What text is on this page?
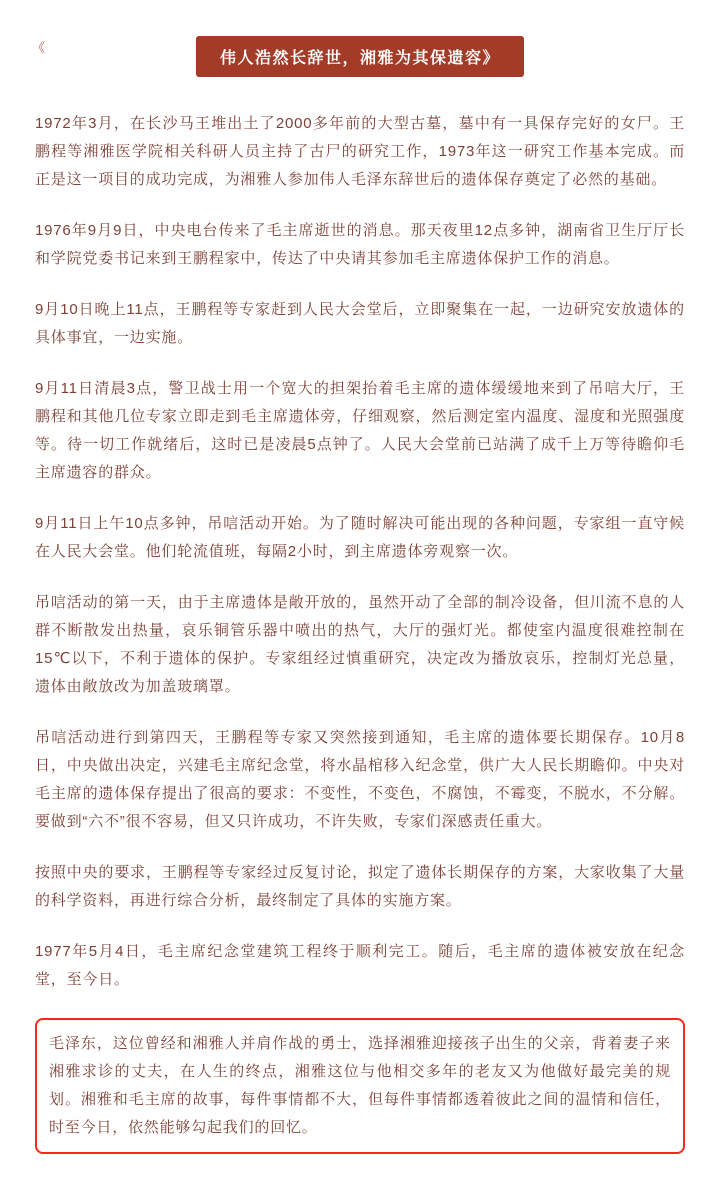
《
伟人浩然长辞世，湘雅为其保遗容》

1972年3月，在长沙马王堆出土了2000多年前的大型古墓，墓中有一具保存完好的女尸。王鹏程等湘雅医学院相关科研人员主持了古尸的研究工作，1973年这一研究工作基本完成。而正是这一项目的成功完成，为湘雅人参加伟人毛泽东辞世后的遗体保存奠定了必然的基础。

1976年9月9日，中央电台传来了毛主席逝世的消息。那天夜里12点多钟，湖南省卫生厅厅长和学院党委书记来到王鹏程家中，传达了中央请其参加毛主席遗体保护工作的消息。

9月10日晚上11点，王鹏程等专家赶到人民大会堂后，立即聚集在一起，一边研究安放遗体的具体事宜，一边实施。

9月11日清晨3点，警卫战士用一个宽大的担架抬着毛主席的遗体缓缓地来到了吊唁大厅，王鹏程和其他几位专家立即走到毛主席遗体旁，仔细观察，然后测定室内温度、湿度和光照强度等。待一切工作就绪后，这时已是凌晨5点钟了。人民大会堂前已站满了成千上万等待瞻仰毛主席遗容的群众。

9月11日上午10点多钟，吊唁活动开始。为了随时解决可能出现的各种问题，专家组一直守候在人民大会堂。他们轮流值班，每隔2小时，到主席遗体旁观察一次。

吊唁活动的第一天，由于主席遗体是敞开放的，虽然开动了全部的制冷设备，但川流不息的人群不断散发出热量，哀乐铜管乐器中喷出的热气，大厅的强灯光。都使室内温度很难控制在15℃以下，不利于遗体的保护。专家组经过慎重研究，决定改为播放哀乐，控制灯光总量，遗体由敞放改为加盖玻璃罩。

吊唁活动进行到第四天，王鹏程等专家又突然接到通知，毛主席的遗体要长期保存。10月8日，中央做出决定，兴建毛主席纪念堂，将水晶棺移入纪念堂，供广大人民长期瞻仰。中央对毛主席的遗体保存提出了很高的要求：不变性，不变色，不腐蚀，不霉变，不脱水，不分解。要做到“六不”很不容易，但又只许成功，不许失败，专家们深感责任重大。

按照中央的要求，王鹏程等专家经过反复讨论，拟定了遗体长期保存的方案，大家收集了大量的科学资料，再进行综合分析，最终制定了具体的实施方案。

1977年5月4日，毛主席纪念堂建筑工程终于顺利完工。随后，毛主席的遗体被安放在纪念堂，至今日。

毛泽东，这位曾经和湘雅人并肩作战的勇士，选择湘雅迎接孩子出生的父亲，背着妻子来湘雅求诊的丈夫，在人生的终点，湘雅这位与他相交多年的老友又为他做好最完美的规划。湘雅和毛主席的故事，每件事情都不大，但每件事情都透着彼此之间的温情和信任，时至今日，依然能够勾起我们的回忆。
